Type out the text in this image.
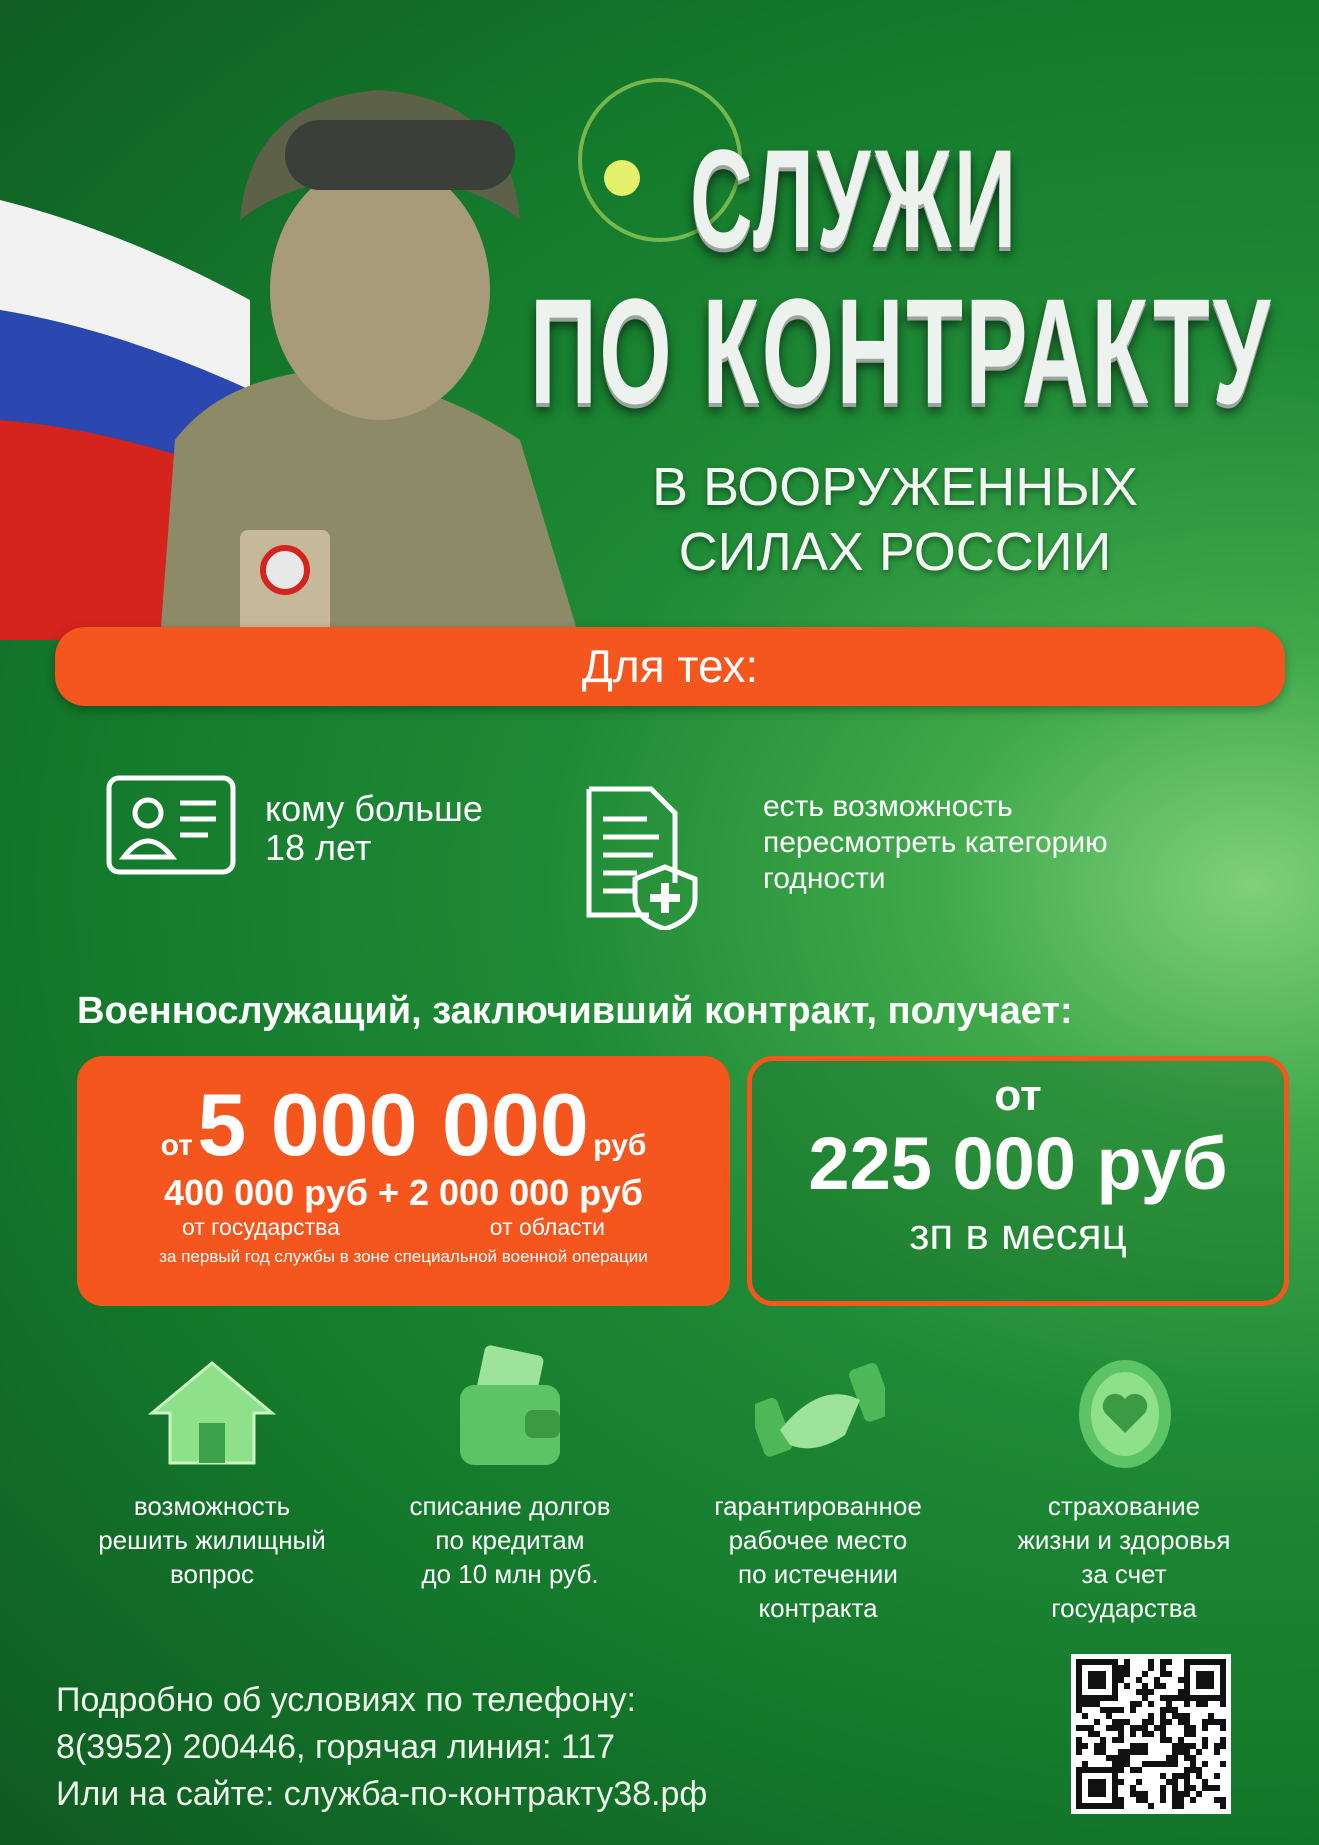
СЛУЖИ
ПО КОНТРАКТУ
В ВООРУЖЕННЫХ
СИЛАХ РОССИИ
Для тех:
кому больше
18 лет
есть возможность
пересмотреть категорию
годности
Военнослужащий, заключивший контракт, получает:
от 5 000 000 руб
400 000 руб + 2 000 000 руб
от государства	от области
за первый год службы в зоне специальной военной операции
от
225 000 руб
зп в месяц
возможность
решить жилищный
вопрос
списание долгов
по кредитам
до 10 млн руб.
гарантированное
рабочее место
по истечении
контракта
страхование
жизни и здоровья
за счет
государства
Подробно об условиях по телефону:
8(3952) 200446, горячая линия: 117
Или на сайте: служба-по-контракту38.рф
